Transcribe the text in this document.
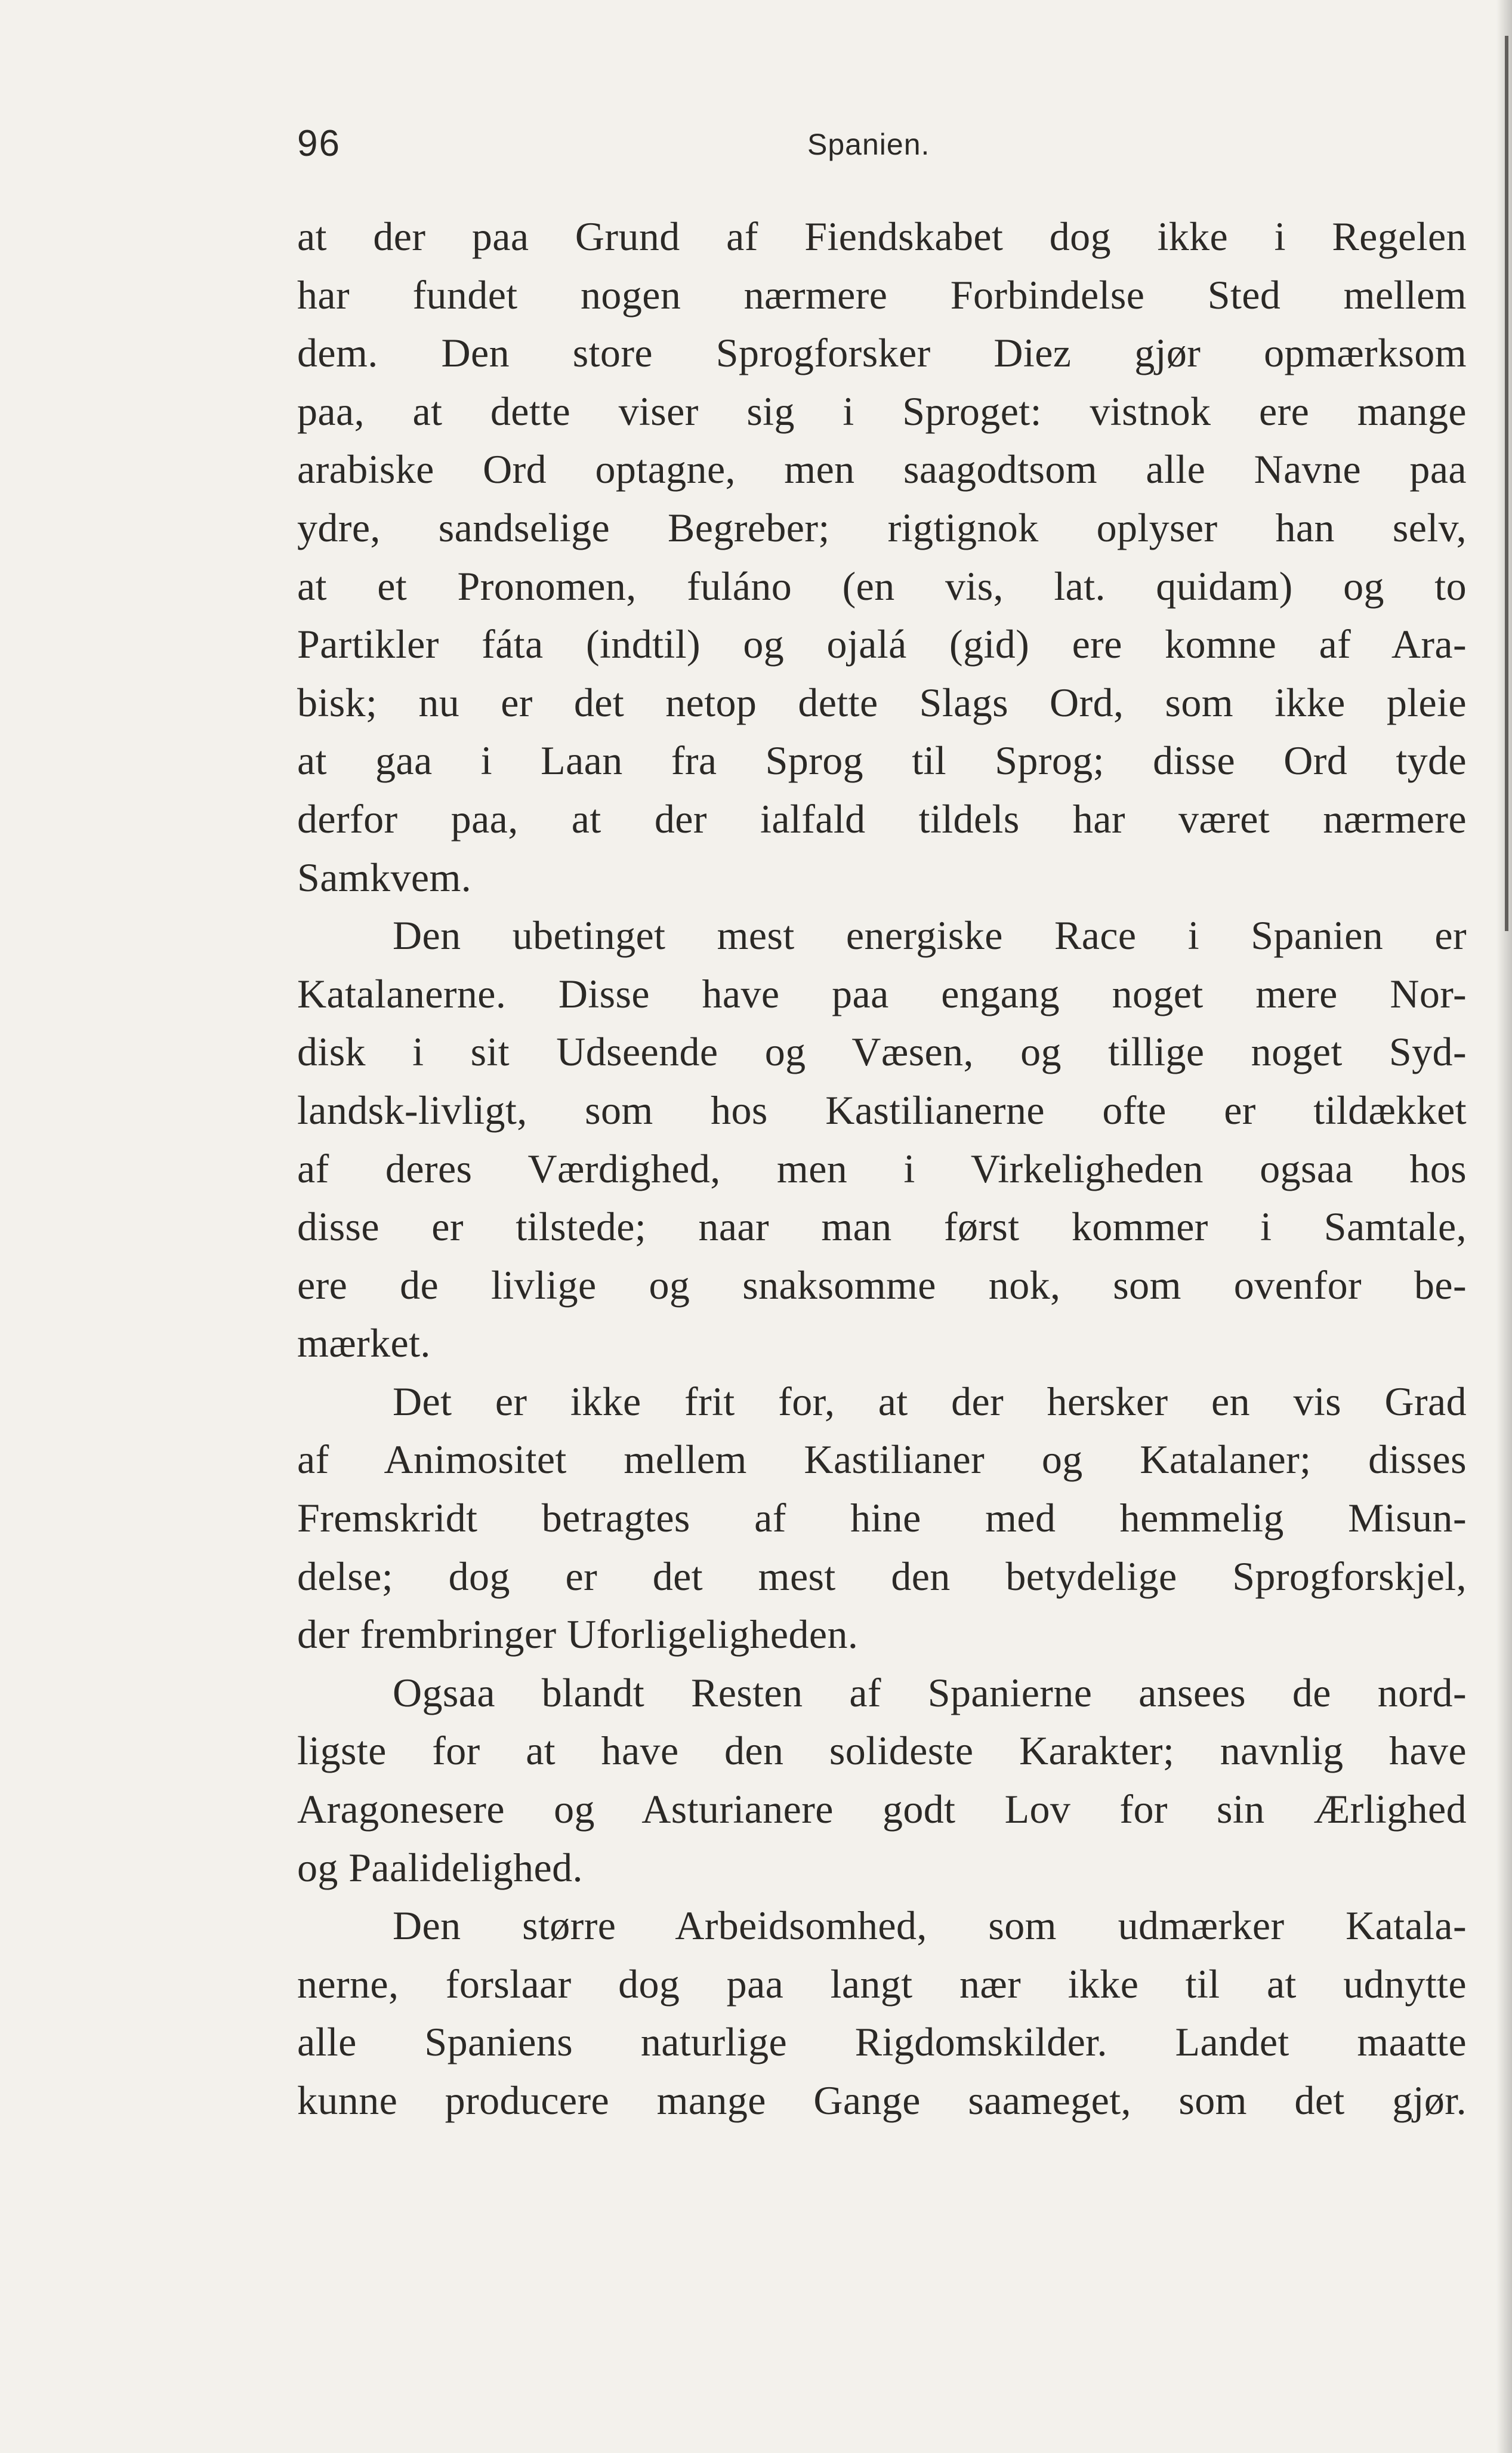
96	Spanien.
at der paa Grund af Fiendskabet dog ikke i Regelen
har fundet nogen nærmere Forbindelse Sted mellem
dem. Den store Sprogforsker Diez gjør opmærksom
paa, at dette viser sig i Sproget: vistnok ere mange
arabiske Ord optagne, men saagodtsom alle Navne paa
ydre, sandselige Begreber; rigtignok oplyser han selv,
at et Pronomen, fuláno (en vis, lat. quidam) og to
Partikler fáta (indtil) og ojalá (gid) ere komne af Ara-
bisk; nu er det netop dette Slags Ord, som ikke pleie
at gaa i Laan fra Sprog til Sprog; disse Ord tyde
derfor paa, at der ialfald tildels har været nærmere
Samkvem.
Den ubetinget mest energiske Race i Spanien er
Katalanerne. Disse have paa engang noget mere Nor-
disk i sit Udseende og Væsen, og tillige noget Syd-
landsk-livligt, som hos Kastilianerne ofte er tildækket
af deres Værdighed, men i Virkeligheden ogsaa hos
disse er tilstede; naar man først kommer i Samtale,
ere de livlige og snaksomme nok, som ovenfor be-
mærket.
Det er ikke frit for, at der hersker en vis Grad
af Animositet mellem Kastilianer og Katalaner; disses
Fremskridt betragtes af hine med hemmelig Misun-
delse; dog er det mest den betydelige Sprogforskjel,
der frembringer Uforligeligheden.
Ogsaa blandt Resten af Spanierne ansees de nord-
ligste for at have den solideste Karakter; navnlig have
Aragonesere og Asturianere godt Lov for sin Ærlighed
og Paalidelighed.
Den større Arbeidsomhed, som udmærker Katala-
nerne, forslaar dog paa langt nær ikke til at udnytte
alle Spaniens naturlige Rigdomskilder. Landet maatte
kunne producere mange Gange saameget, som det gjør.
